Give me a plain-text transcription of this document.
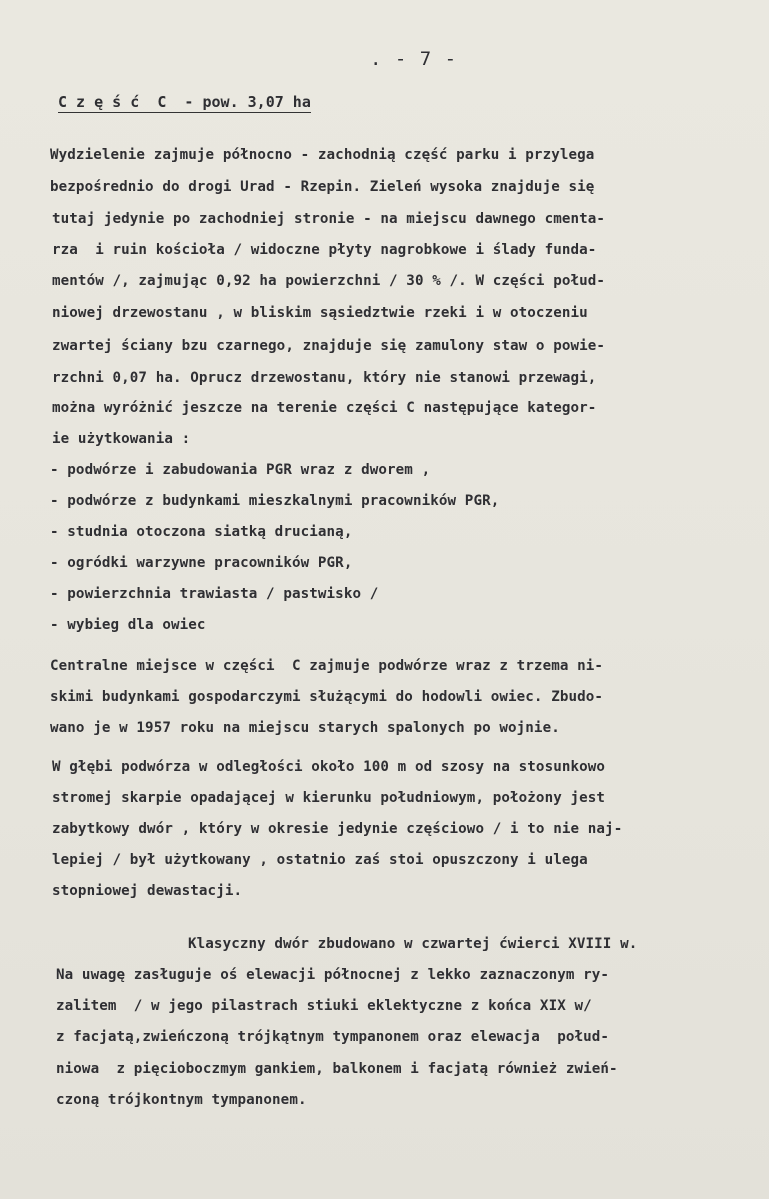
. - 7 -
C z ę ś ć  C  - pow. 3,07 ha
Wydzielenie zajmuje północno - zachodnią część parku i przylega
bezpośrednio do drogi Urad - Rzepin. Zieleń wysoka znajduje się
tutaj jedynie po zachodniej stronie - na miejscu dawnego cmenta-
rza  i ruin kościoła / widoczne płyty nagrobkowe i ślady funda-
mentów /, zajmując 0,92 ha powierzchni / 30 % /. W części połud-
niowej drzewostanu , w bliskim sąsiedztwie rzeki i w otoczeniu
zwartej ściany bzu czarnego, znajduje się zamulony staw o powie-
rzchni 0,07 ha. Oprucz drzewostanu, który nie stanowi przewagi,
można wyróżnić jeszcze na terenie części C następujące kategor-
ie użytkowania :
- podwórze i zabudowania PGR wraz z dworem ,
- podwórze z budynkami mieszkalnymi pracowników PGR,
- studnia otoczona siatką drucianą,
- ogródki warzywne pracowników PGR,
- powierzchnia trawiasta / pastwisko /
- wybieg dla owiec
Centralne miejsce w części  C zajmuje podwórze wraz z trzema ni-
skimi budynkami gospodarczymi służącymi do hodowli owiec. Zbudo-
wano je w 1957 roku na miejscu starych spalonych po wojnie.
W głębi podwórza w odległości około 100 m od szosy na stosunkowo
stromej skarpie opadającej w kierunku południowym, położony jest
zabytkowy dwór , który w okresie jedynie częściowo / i to nie naj-
lepiej / był użytkowany , ostatnio zaś stoi opuszczony i ulega
stopniowej dewastacji.
Klasyczny dwór zbudowano w czwartej ćwierci XVIII w.
Na uwagę zasługuje oś elewacji północnej z lekko zaznaczonym ry-
zalitem  / w jego pilastrach stiuki eklektyczne z końca XIX w/
z facjatą,zwieńczoną trójkątnym tympanonem oraz elewacja  połud-
niowa  z pięcioboczmym gankiem, balkonem i facjatą również zwień-
czoną trójkontnym tympanonem.
